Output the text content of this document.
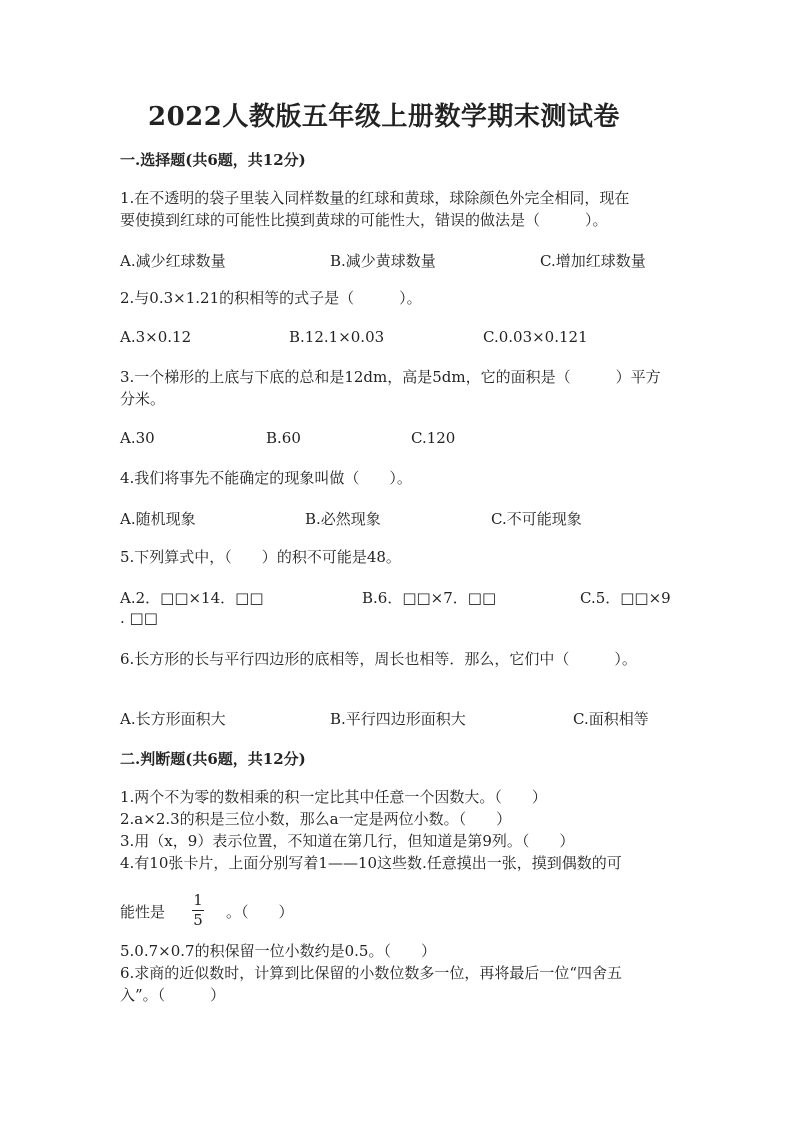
2022人教版五年级上册数学期末测试卷
一.选择题(共6题，共12分)
1.在不透明的袋子里装入同样数量的红球和黄球，球除颜色外完全相同，现在
要使摸到红球的可能性比摸到黄球的可能性大，错误的做法是（　　　）。
A.减少红球数量	B.减少黄球数量	C.增加红球数量
2.与0.3×1.21的积相等的式子是（　　　）。
A.3×0.12	B.12.1×0.03	C.0.03×0.121
3.一个梯形的上底与下底的总和是12dm，高是5dm，它的面积是（　　　）平方
分米。
A.30	B.60	C.120
4.我们将事先不能确定的现象叫做（　　）。
A.随机现象	B.必然现象	C.不可能现象
5.下列算式中，（　　）的积不可能是48。
A.2．□□×14．□□	B.6．□□×7．□□	C.5．□□×9
. □□
6.长方形的长与平行四边形的底相等，周长也相等．那么，它们中（　　　）。
A.长方形面积大	B.平行四边形面积大	C.面积相等
二.判断题(共6题，共12分)
1.两个不为零的数相乘的积一定比其中任意一个因数大。（　　）
2.a×2.3的积是三位小数，那么a一定是两位小数。（　　）
3.用（x，9）表示位置，不知道在第几行，但知道是第9列。（　　）
4.有10张卡片，上面分别写着1——10这些数.任意摸出一张，摸到偶数的可
能性是
1
5 。（　　）
5.0.7×0.7的积保留一位小数约是0.5。（　　）
6.求商的近似数时，计算到比保留的小数位数多一位，再将最后一位“四舍五
入”。（　　　）
